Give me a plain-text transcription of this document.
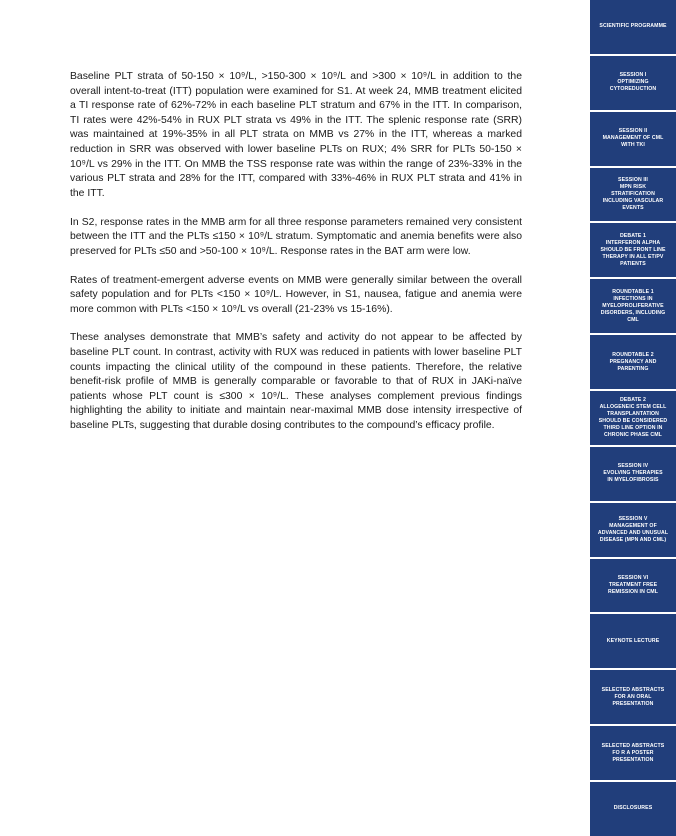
Baseline PLT strata of 50-150 × 10⁹/L, >150-300 × 10⁹/L and >300 × 10⁹/L in addition to the overall intent-to-treat (ITT) population were examined for S1. At week 24, MMB treatment elicited a TI response rate of 62%-72% in each baseline PLT stratum and 67% in the ITT. In comparison, TI rates were 42%-54% in RUX PLT strata vs 49% in the ITT. The splenic response rate (SRR) was maintained at 19%-35% in all PLT strata on MMB vs 27% in the ITT, whereas a marked reduction in SRR was observed with lower baseline PLTs on RUX; 4% SRR for PLTs 50-150 × 10⁹/L vs 29% in the ITT. On MMB the TSS response rate was within the range of 23%-33% in the various PLT strata and 28% for the ITT, compared with 33%-46% in RUX PLT strata and 41% in the ITT.

In S2, response rates in the MMB arm for all three response parameters remained very consistent between the ITT and the PLTs ≤150 × 10⁹/L stratum. Symptomatic and anemia benefits were also preserved for PLTs ≤50 and >50-100 × 10⁹/L. Response rates in the BAT arm were low.

Rates of treatment-emergent adverse events on MMB were generally similar between the overall safety population and for PLTs <150 × 10⁹/L. However, in S1, nausea, fatigue and anemia were more common with PLTs <150 × 10⁹/L vs overall (21-23% vs 15-16%).

These analyses demonstrate that MMB’s safety and activity do not appear to be affected by baseline PLT count. In contrast, activity with RUX was reduced in patients with lower baseline PLT counts impacting the clinical utility of the compound in these patients. Therefore, the relative benefit-risk profile of MMB is generally comparable or favorable to that of RUX in JAKi-naïve patients whose PLT count is ≤300 × 10⁹/L. These analyses complement previous findings highlighting the ability to initiate and maintain near-maximal MMB dose intensity irrespective of baseline PLTs, suggesting that durable dosing contributes to the compound’s efficacy profile.

SCIENTIFIC PROGRAMME
SESSION I
OPTIMIZING
CYTOREDUCTION
SESSION II
MANAGEMENT OF CML
WITH TKI
SESSION III
MPN RISK
STRATIFICATION
INCLUDING VASCULAR
EVENTS
DEBATE 1
INTERFERON ALPHA
SHOULD BE FRONT LINE
THERAPY IN ALL ET/PV
PATIENTS
ROUNDTABLE 1
INFECTIONS IN
MYELOPROLIFERATIVE
DISORDERS, INCLUDING
CML
ROUNDTABLE 2
PREGNANCY AND
PARENTING
DEBATE 2
ALLOGENEIC STEM CELL
TRANSPLANTATION
SHOULD BE CONSIDERED
THIRD LINE OPTION IN
CHRONIC PHASE CML
SESSION IV
EVOLVING THERAPIES
IN MYELOFIBROSIS
SESSION V
MANAGEMENT OF
ADVANCED AND UNUSUAL
DISEASE (MPN AND CML)
SESSION VI
TREATMENT FREE
REMISSION IN CML
KEYNOTE LECTURE
SELECTED ABSTRACTS
FOR AN ORAL
PRESENTATION
SELECTED ABSTRACTS
FO R A POSTER
PRESENTATION
DISCLOSURES
